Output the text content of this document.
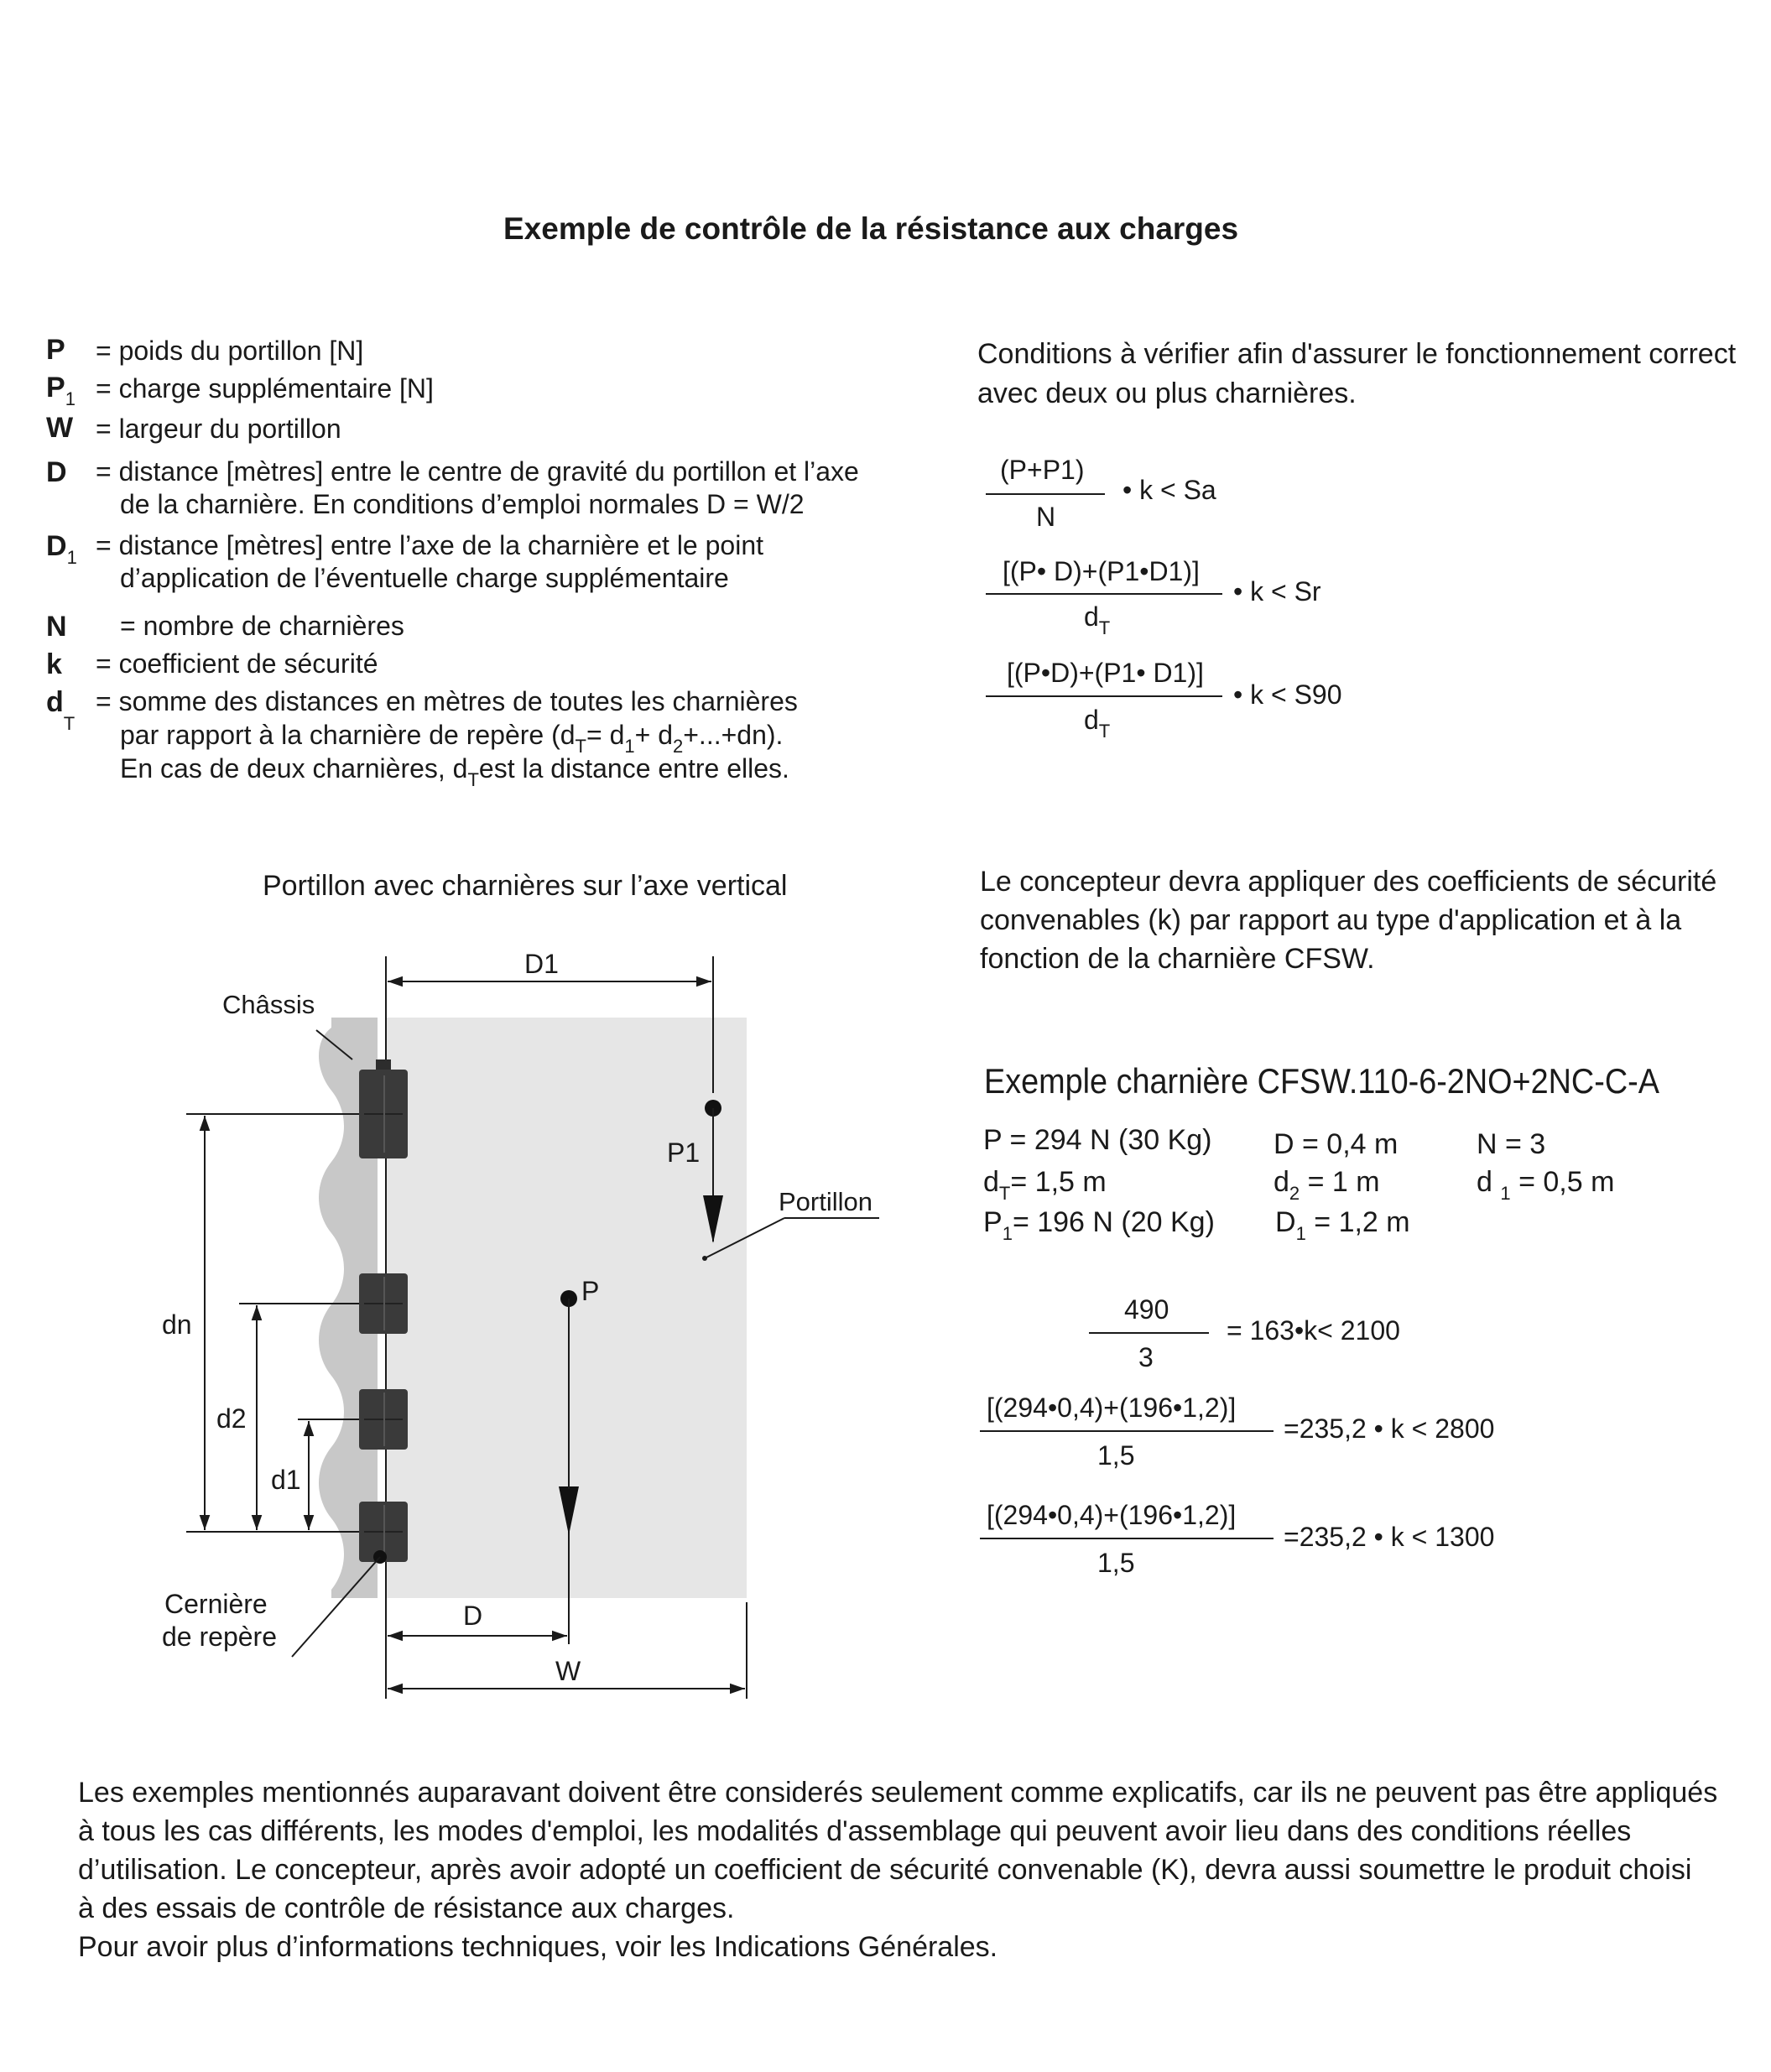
Exemple de contrôle de la résistance aux charges
P = poids du portillon [N]
$P_1$ = charge supplémentaire [N]
W = largeur du portillon
D = distance [mètres] entre le centre de gravité du portillon et l’axe
de la charnière. En conditions d’emploi normales D = W/2
$D_1$ = distance [mètres] entre l’axe de la charnière et le point
d’application de l’éventuelle charge supplémentaire
N = nombre de charnières
k = coefficient de sécurité
$d_T$
= somme des distances en mètres de toutes les charnières
par rapport à la charnière de repère $(d_T= d_1+ d_2+...+dn)$.
En cas de deux charnières, $d_Test$ la distance entre elles.
Conditions à vérifier afin d'assurer le fonctionnement correct
avec deux ou plus charnières.
(P+P1)
N
• k < Sa
[(P• D)+(P1•D1)]
$d_T$
• k < Sr
[(P•D)+(P1• D1)]
$d_T$
• k < S90
Portillon avec charnières sur l’axe vertical
D1
Châssis
dn
d2
d1
P1
Portillon
P
Cernière
de repère
D
W
Le concepteur devra appliquer des coefficients de sécurité
convenables (k) par rapport au type d'application et à la
fonction de la charnière CFSW.
Exemple charnière CFSW.110-6-2NO+2NC-C-A
P = 294 N (30 Kg) D = 0,4 m	N = 3
$d_T= 1,5$ m	$d_2 = 1$ m	d $_1$ = 0,5 m
$P_1= 196$ N (20 Kg) $D_1 = 1,2$ m
490
3
= 163•k< 2100
[(294•0,4)+(196•1,2)]
1,5
=235,2 • k < 2800
[(294•0,4)+(196•1,2)]
1,5
=235,2 • k < 1300
Les exemples mentionnés auparavant doivent être considerés seulement comme explicatifs, car ils ne peuvent pas être appliqués
à tous les cas différents, les modes d'emploi, les modalités d'assemblage qui peuvent avoir lieu dans des conditions réelles
d’utilisation. Le concepteur, après avoir adopté un coefficient de sécurité convenable (K), devra aussi soumettre le produit choisi
à des essais de contrôle de résistance aux charges.
Pour avoir plus d’informations techniques, voir les Indications Générales.
